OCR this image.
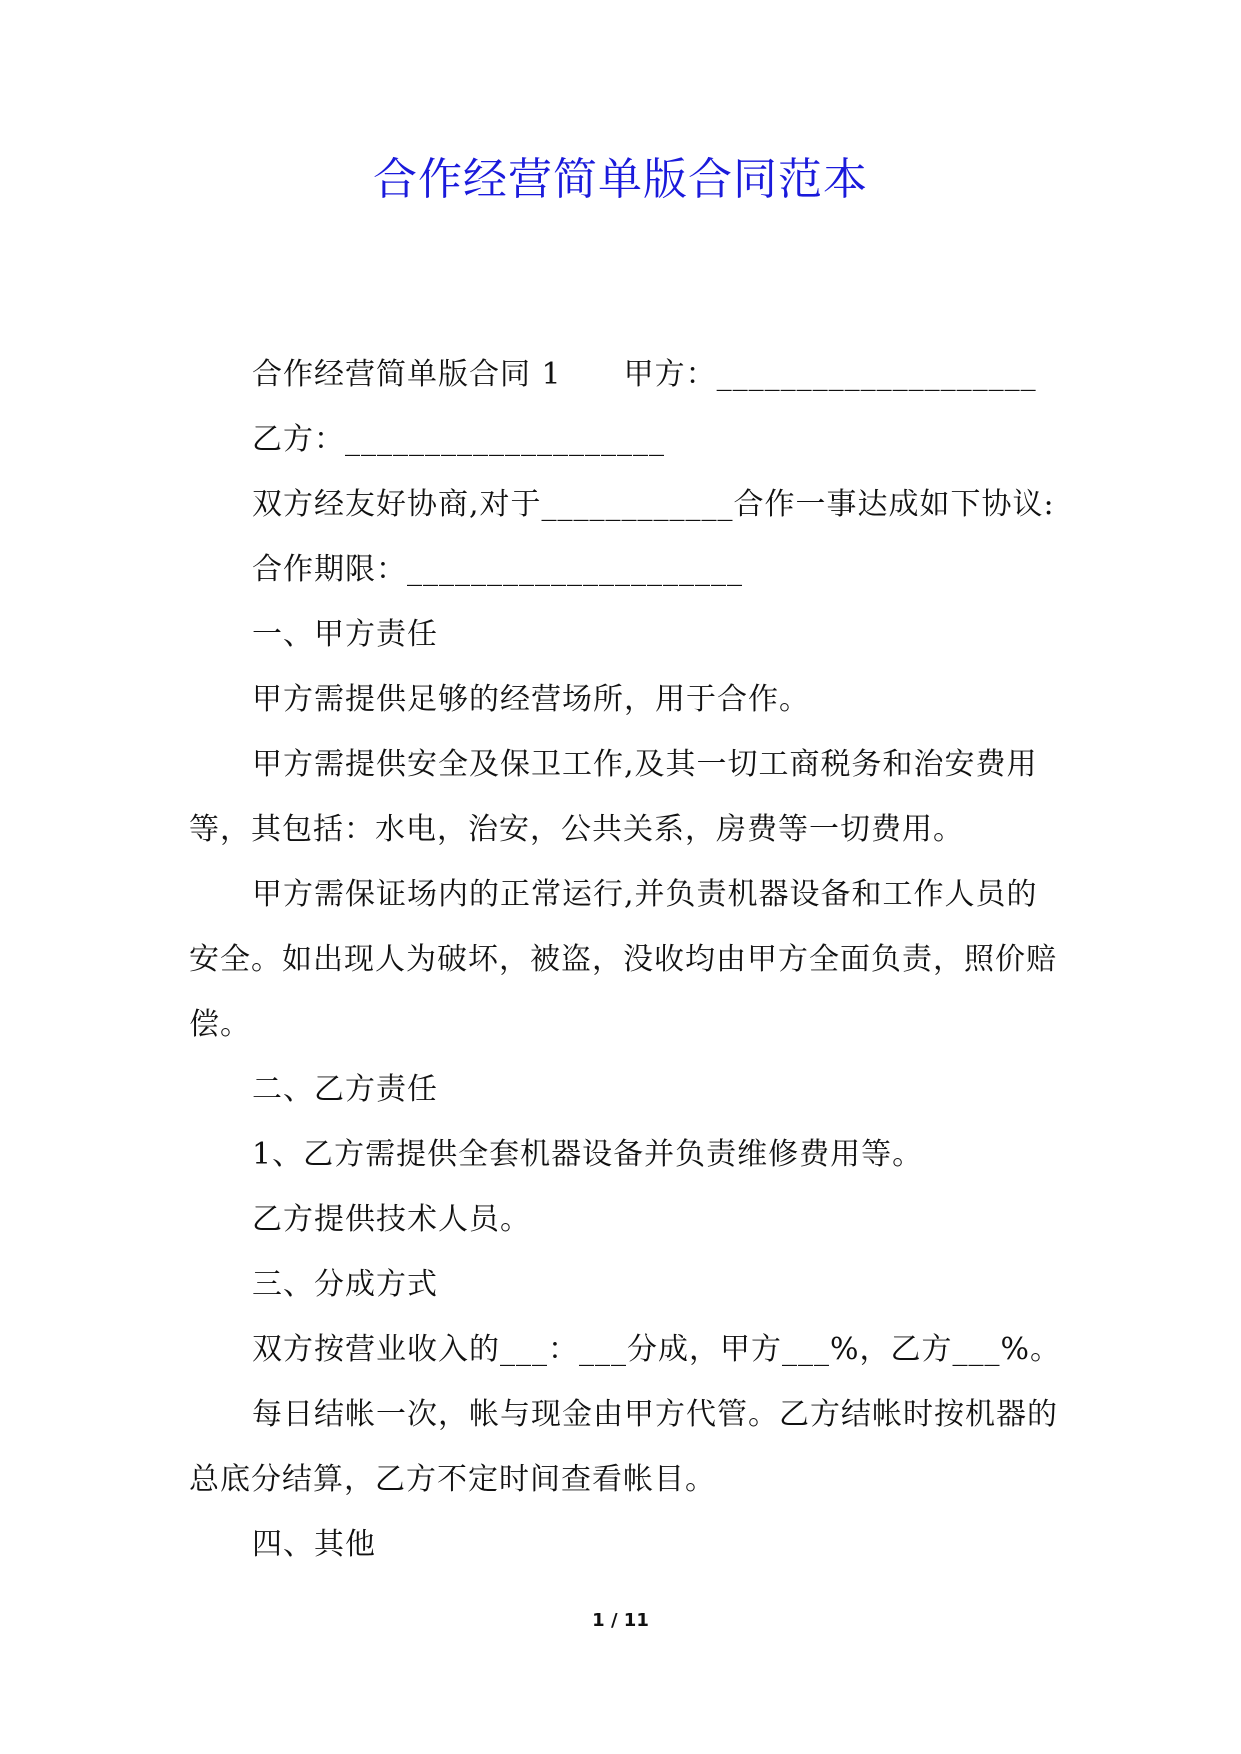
合作经营简单版合同范本
合作经营简单版合同 1　　甲方：____________________
乙方：____________________
双方经友好协商,对于____________合作一事达成如下协议:
合作期限：_____________________
一、甲方责任
甲方需提供足够的经营场所，用于合作。
甲方需提供安全及保卫工作,及其一切工商税务和治安费用
等，其包括：水电，治安，公共关系，房费等一切费用。
甲方需保证场内的正常运行,并负责机器设备和工作人员的
安全。如出现人为破坏，被盗，没收均由甲方全面负责，照价赔
偿。
二、乙方责任
1、乙方需提供全套机器设备并负责维修费用等。
乙方提供技术人员。
三、分成方式
双方按营业收入的___：___分成，甲方___%，乙方___%。
每日结帐一次，帐与现金由甲方代管。乙方结帐时按机器的
总底分结算，乙方不定时间查看帐目。
四、其他
1 / 11
